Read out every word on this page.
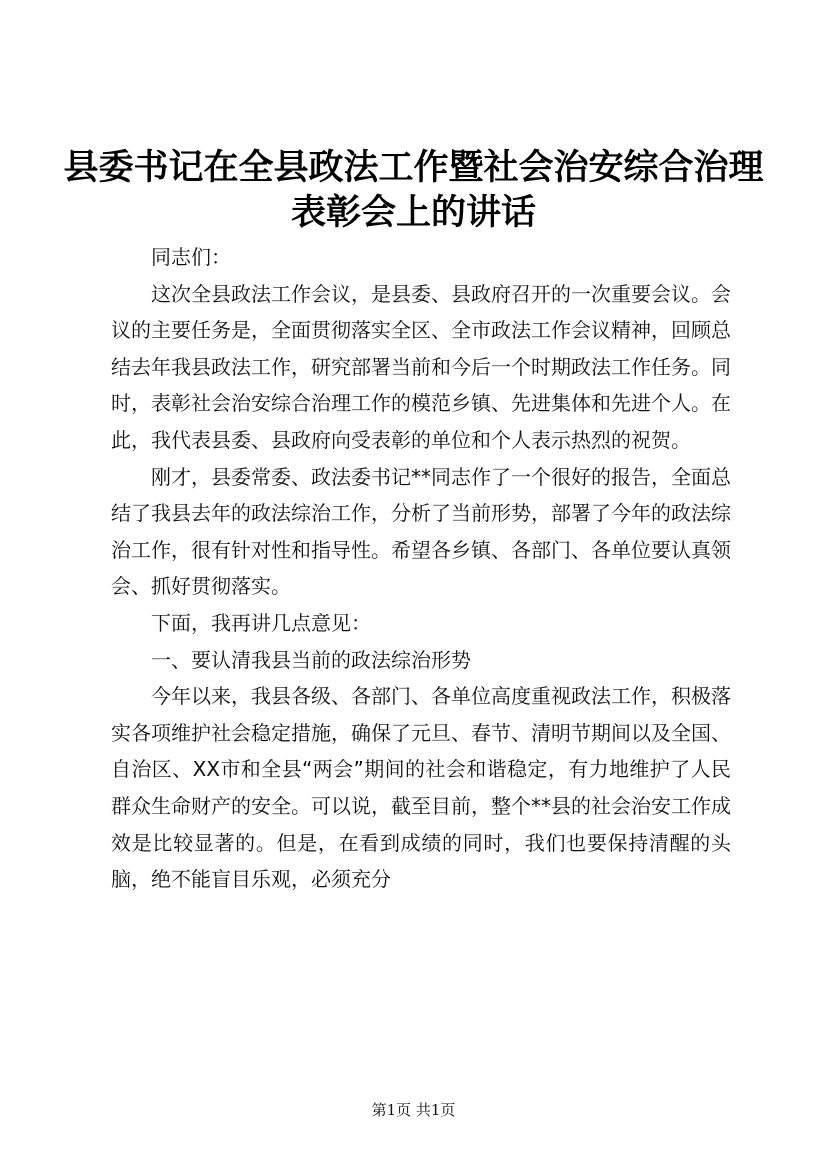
县委书记在全县政法工作暨社会治安综合治理
表彰会上的讲话

同志们：

这次全县政法工作会议，是县委、县政府召开的一次重要会议。会议的主要任务是，全面贯彻落实全区、全市政法工作会议精神，回顾总结去年我县政法工作，研究部署当前和今后一个时期政法工作任务。同时，表彰社会治安综合治理工作的模范乡镇、先进集体和先进个人。在此，我代表县委、县政府向受表彰的单位和个人表示热烈的祝贺。

刚才，县委常委、政法委书记**同志作了一个很好的报告，全面总结了我县去年的政法综治工作，分析了当前形势，部署了今年的政法综治工作，很有针对性和指导性。希望各乡镇、各部门、各单位要认真领会、抓好贯彻落实。

下面，我再讲几点意见：

一、要认清我县当前的政法综治形势

今年以来，我县各级、各部门、各单位高度重视政法工作，积极落实各项维护社会稳定措施，确保了元旦、春节、清明节期间以及全国、自治区、XX市和全县“两会”期间的社会和谐稳定，有力地维护了人民群众生命财产的安全。可以说，截至目前，整个**县的社会治安工作成效是比较显著的。但是，在看到成绩的同时，我们也要保持清醒的头脑，绝不能盲目乐观，必须充分

第1页 共1页
